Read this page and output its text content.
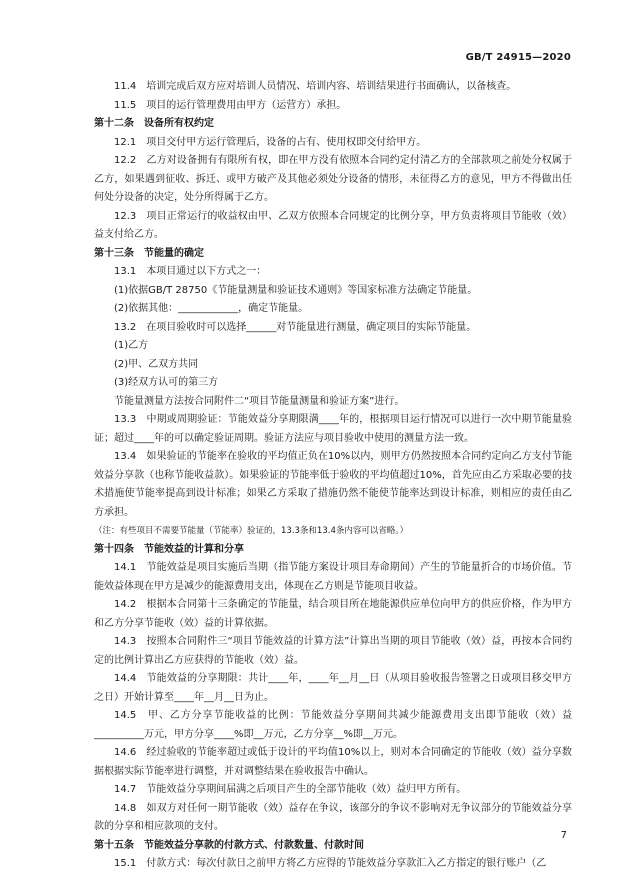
GB/T 24915—2020

11.4　培训完成后双方应对培训人员情况、培训内容、培训结果进行书面确认，以备核查。

11.5　项目的运行管理费用由甲方（运营方）承担。

第十二条　设备所有权约定

12.1　项目交付甲方运行管理后，设备的占有、使用权即交付给甲方。

12.2　乙方对设备拥有有限所有权，即在甲方没有依照本合同约定付清乙方的全部款项之前处分权属于乙方，如果遇到征收、拆迁、或甲方破产及其他必须处分设备的情形，未征得乙方的意见，甲方不得做出任何处分设备的决定，处分所得属于乙方。

12.3　项目正常运行的收益权由甲、乙双方依照本合同规定的比例分享，甲方负责将项目节能收（效）益支付给乙方。

第十三条　节能量的确定

13.1　本项目通过以下方式之一：

(1)依据GB/T 28750《节能量测量和验证技术通则》等国家标准方法确定节能量。

(2)依据其他：____________，确定节能量。

13.2　在项目验收时可以选择______对节能量进行测量，确定项目的实际节能量。

(1)乙方

(2)甲、乙双方共同

(3)经双方认可的第三方

节能量测量方法按合同附件二“项目节能量测量和验证方案”进行。

13.3　中期或周期验证：节能效益分享期限满____年的，根据项目运行情况可以进行一次中期节能量验证；超过____年的可以确定验证周期。验证方法应与项目验收中使用的测量方法一致。

13.4　如果验证的节能率在验收的平均值正负在10%以内，则甲方仍然按照本合同约定向乙方支付节能效益分享款（也称节能收益款）。如果验证的节能率低于验收的平均值超过10%，首先应由乙方采取必要的技术措施使节能率提高到设计标准；如果乙方采取了措施仍然不能使节能率达到设计标准，则相应的责任由乙方承担。

（注：有些项目不需要节能量（节能率）验证的，13.3条和13.4条内容可以省略。）

第十四条　节能效益的计算和分享

14.1　节能效益是项目实施后当期（指节能方案设计项目寿命期间）产生的节能量折合的市场价值。节能效益体现在甲方是减少的能源费用支出，体现在乙方则是节能项目收益。

14.2　根据本合同第十三条确定的节能量，结合项目所在地能源供应单位向甲方的供应价格，作为甲方和乙方分享节能收（效）益的计算依据。

14.3　按照本合同附件三“项目节能效益的计算方法”计算出当期的项目节能收（效）益，再按本合同约定的比例计算出乙方应获得的节能收（效）益。

14.4　节能效益的分享期限：共计____年，____年__月__日（从项目验收报告签署之日或项目移交甲方之日）开始计算至____年__月__日为止。

14.5　甲、乙方分享节能收益的比例：节能效益分享期间共减少能源费用支出即节能收（效）益__________万元，甲方分享____%即__万元，乙方分享__%即__万元。

14.6　经过验收的节能率超过或低于设计的平均值10%以上，则对本合同确定的节能收（效）益分享数据根据实际节能率进行调整，并对调整结果在验收报告中确认。

14.7　节能效益分享期间届满之后项目产生的全部节能收（效）益归甲方所有。

14.8　如双方对任何一期节能收（效）益存在争议，该部分的争议不影响对无争议部分的节能效益分享款的分享和相应款项的支付。

第十五条　节能效益分享款的付款方式、付款数量、付款时间

15.1　付款方式：每次付款日之前甲方将乙方应得的节能效益分享款汇入乙方指定的银行账户（乙

7
